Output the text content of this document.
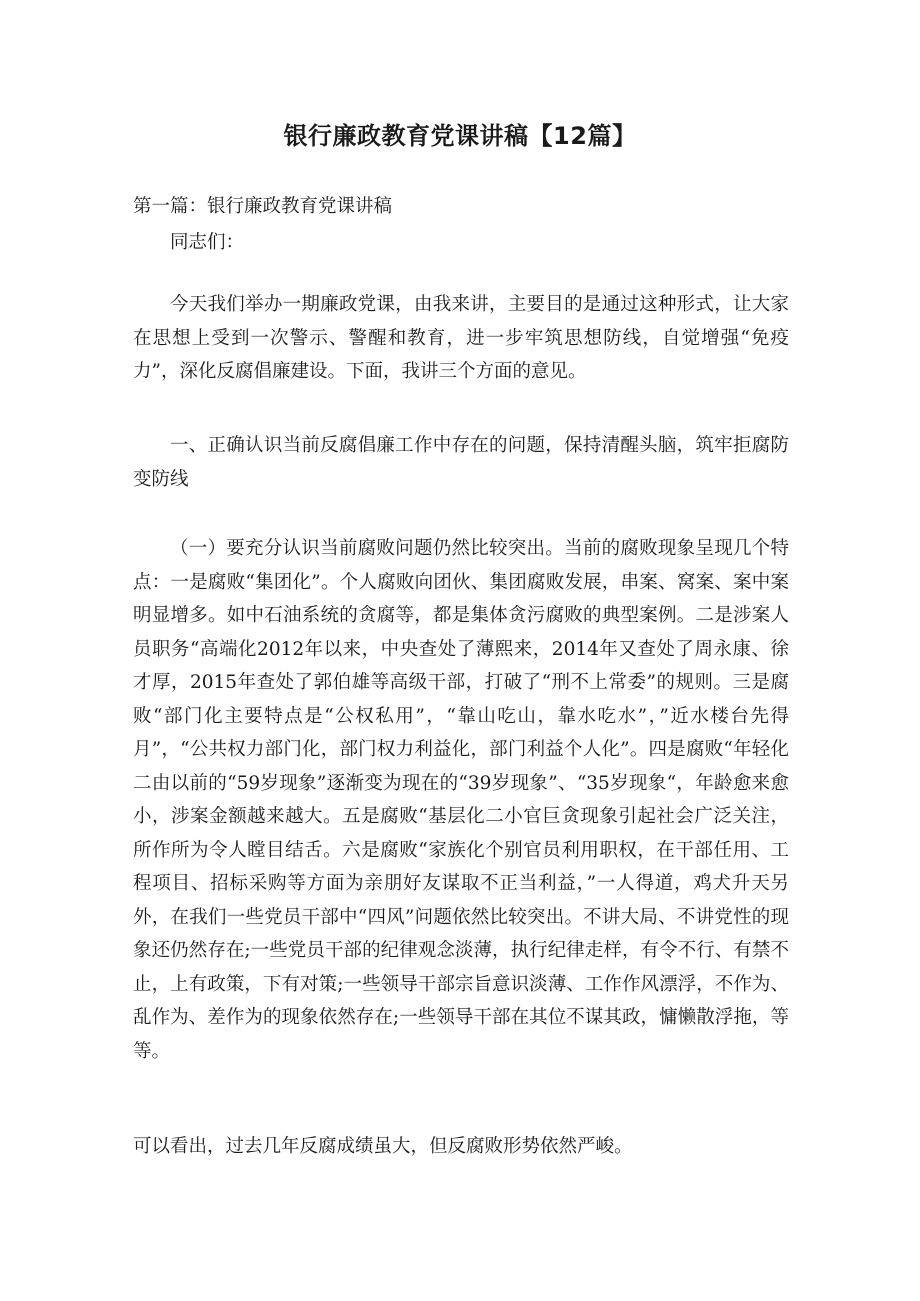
银行廉政教育党课讲稿【12篇】
第一篇：银行廉政教育党课讲稿
同志们：
今天我们举办一期廉政党课，由我来讲，主要目的是通过这种形式，让大家在思想上受到一次警示、警醒和教育，进一步牢筑思想防线，自觉增强“免疫力”，深化反腐倡廉建设。下面，我讲三个方面的意见。
一、正确认识当前反腐倡廉工作中存在的问题，保持清醒头脑，筑牢拒腐防变防线
（一）要充分认识当前腐败问题仍然比较突出。当前的腐败现象呈现几个特点：一是腐败“集团化”。个人腐败向团伙、集团腐败发展，串案、窝案、案中案明显增多。如中石油系统的贪腐等，都是集体贪污腐败的典型案例。二是涉案人员职务“高端化2012年以来，中央查处了薄熙来，2014年又查处了周永康、徐才厚，2015年查处了郭伯雄等高级干部，打破了“刑不上常委”的规则。三是腐败“部门化主要特点是“公权私用”，“靠山吃山，靠水吃水”，”近水楼台先得月”，“公共权力部门化，部门权力利益化，部门利益个人化”。四是腐败“年轻化二由以前的“59岁现象”逐渐变为现在的“39岁现象”、“35岁现象“，年龄愈来愈小，涉案金额越来越大。五是腐败“基层化二小官巨贪现象引起社会广泛关注，所作所为令人瞠目结舌。六是腐败“家族化个别官员利用职权，在干部任用、工程项目、招标采购等方面为亲朋好友谋取不正当利益，”一人得道，鸡犬升天另外，在我们一些党员干部中“四风”问题依然比较突出。不讲大局、不讲党性的现象还仍然存在;一些党员干部的纪律观念淡薄，执行纪律走样，有令不行、有禁不止，上有政策，下有对策;一些领导干部宗旨意识淡薄、工作作风漂浮，不作为、乱作为、差作为的现象依然存在;一些领导干部在其位不谋其政，慵懒散浮拖，等等。
可以看出，过去几年反腐成绩虽大，但反腐败形势依然严峻。
